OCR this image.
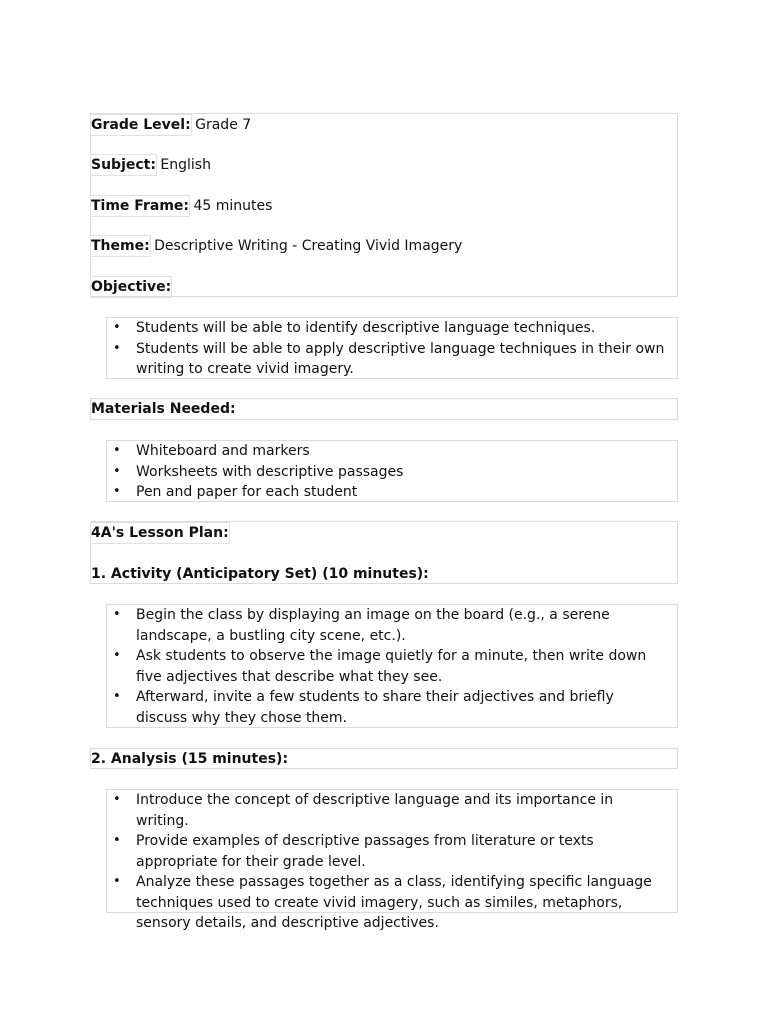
Grade Level: Grade 7
Subject: English
Time Frame: 45 minutes
Theme: Descriptive Writing - Creating Vivid Imagery
Objective:
• Students will be able to identify descriptive language techniques.
• Students will be able to apply descriptive language techniques in their own writing to create vivid imagery.
Materials Needed:
• Whiteboard and markers
• Worksheets with descriptive passages
• Pen and paper for each student
4A's Lesson Plan:
1. Activity (Anticipatory Set) (10 minutes):
• Begin the class by displaying an image on the board (e.g., a serene landscape, a bustling city scene, etc.).
• Ask students to observe the image quietly for a minute, then write down five adjectives that describe what they see.
• Afterward, invite a few students to share their adjectives and briefly discuss why they chose them.
2. Analysis (15 minutes):
• Introduce the concept of descriptive language and its importance in writing.
• Provide examples of descriptive passages from literature or texts appropriate for their grade level.
• Analyze these passages together as a class, identifying specific language techniques used to create vivid imagery, such as similes, metaphors, sensory details, and descriptive adjectives.
